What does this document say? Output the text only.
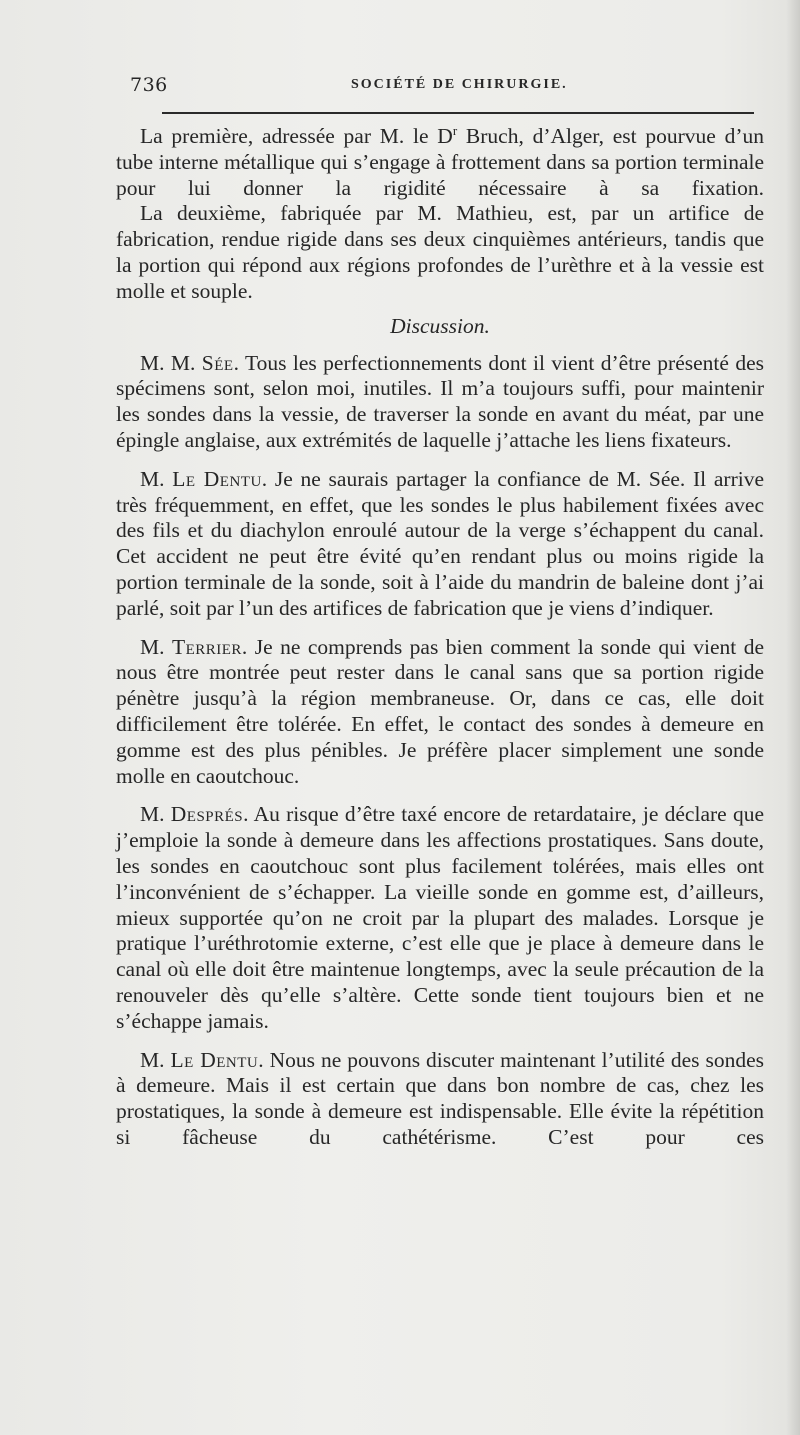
736	SOCIÉTÉ DE CHIRURGIE.

La première, adressée par M. le $D^r$ Bruch, d’Alger, est pourvue d’un tube interne métallique qui s’engage à frottement dans sa portion terminale pour lui donner la rigidité nécessaire à sa fixation.

La deuxième, fabriquée par M. Mathieu, est, par un artifice de fabrication, rendue rigide dans ses deux cinquièmes antérieurs, tandis que la portion qui répond aux régions profondes de l’urèthre et à la vessie est molle et souple.

Discussion.

M. M. Sée. Tous les perfectionnements dont il vient d’être présenté des spécimens sont, selon moi, inutiles. Il m’a toujours suffi, pour maintenir les sondes dans la vessie, de traverser la sonde en avant du méat, par une épingle anglaise, aux extrémités de laquelle j’attache les liens fixateurs.

M. Le Dentu. Je ne saurais partager la confiance de M. Sée. Il arrive très fréquemment, en effet, que les sondes le plus habilement fixées avec des fils et du diachylon enroulé autour de la verge s’échappent du canal. Cet accident ne peut être évité qu’en rendant plus ou moins rigide la portion terminale de la sonde, soit à l’aide du mandrin de baleine dont j’ai parlé, soit par l’un des artifices de fabrication que je viens d’indiquer.

M. Terrier. Je ne comprends pas bien comment la sonde qui vient de nous être montrée peut rester dans le canal sans que sa portion rigide pénètre jusqu’à la région membraneuse. Or, dans ce cas, elle doit difficilement être tolérée. En effet, le contact des sondes à demeure en gomme est des plus pénibles. Je préfère placer simplement une sonde molle en caoutchouc.

M. Després. Au risque d’être taxé encore de retardataire, je déclare que j’emploie la sonde à demeure dans les affections prostatiques. Sans doute, les sondes en caoutchouc sont plus facilement tolérées, mais elles ont l’inconvénient de s’échapper. La vieille sonde en gomme est, d’ailleurs, mieux supportée qu’on ne croit par la plupart des malades. Lorsque je pratique l’uréthrotomie externe, c’est elle que je place à demeure dans le canal où elle doit être maintenue longtemps, avec la seule précaution de la renouveler dès qu’elle s’altère. Cette sonde tient toujours bien et ne s’échappe jamais.

M. Le Dentu. Nous ne pouvons discuter maintenant l’utilité des sondes à demeure. Mais il est certain que dans bon nombre de cas, chez les prostatiques, la sonde à demeure est indispensable. Elle évite la répétition si fâcheuse du cathétérisme. C’est pour ces
